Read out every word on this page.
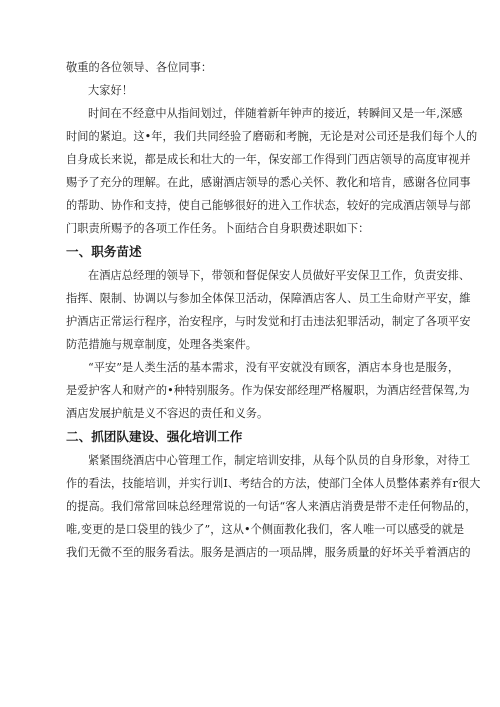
敬重的各位领导、各位同事：

大家好！

时间在不经意中从指间划过，伴随着新年钟声的接近，转瞬间又是一年,深感

时间的紧迫。这•年，我们共同经验了磨砺和考腕，无论是对公司还是我们每个人的

自身成长来说，都是成长和壮大的一年，保安部工作得到门西店领导的高度审视并

赐予了充分的理解。在此，感谢酒店领导的悉心关怀、教化和培肯，感谢各位同事

的帮助、协作和支持，使自己能够很好的进入工作状态，较好的完成酒店领导与部

门职责所赐予的各项工作任务。卜面结合自身职费述职如下：

一、职务苗述

在酒店总经理的领导下，带领和督促保安人员做好平安保卫工作，负责安排、

指挥、限制、协调以与参加全体保卫活动，保障酒店客人、员工生命财产平安，維

护酒店正常运行程序，治安程序，与时发觉和打击违法犯罪活动，制定了各项平安

防范措施与规章制度，处理各类案件。

“平安”是人类生活的基本需求，没有平安就没有顾客，酒店本身也是服务，

是爱护客人和财产的•种特别服务。作为保安部经理严格履职，为酒店经营保驾,为

酒店发展护航是义不容迟的责任和义务。

二、抓团队建设、强化培训工作

紧紧围绕酒店中心管理工作，制定培训安排，从每个队员的自身形象，对待工

作的看法，技能培训，并实行训I、考结合的方法，使部门全体人员整体素养有r很大

的提高。我们常常回味总经理常说的一句话“客人来酒店消费是带不走任何物品的，

唯,变更的是口袋里的钱少了”，这从•个侧面教化我们，客人唯一可以感受的就是

我们无微不至的服务看法。服务是酒店的一项品牌，服务质量的好坏关乎着酒店的
